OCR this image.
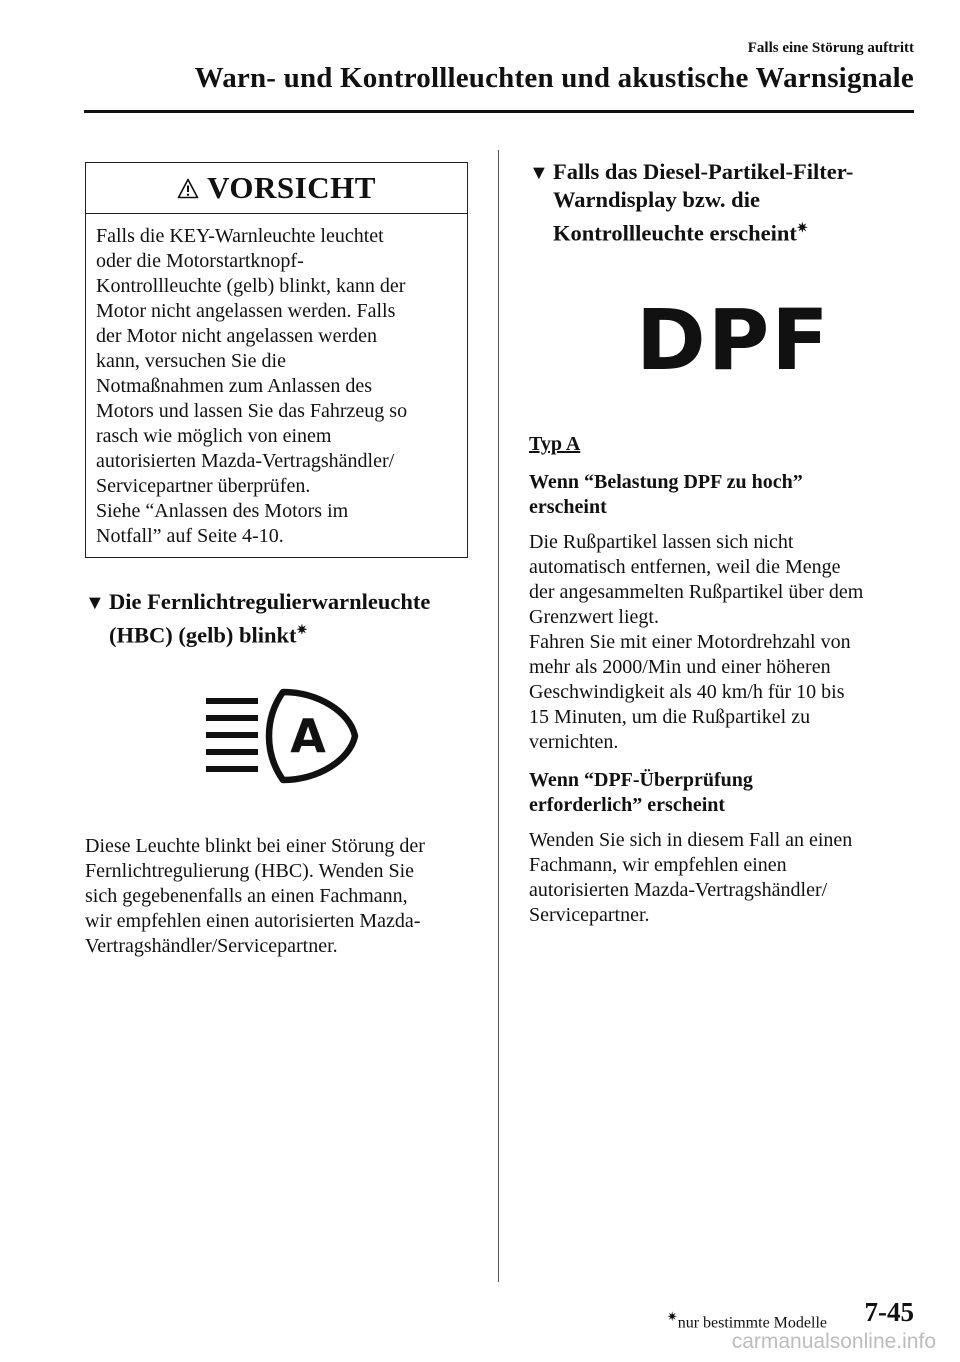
Falls eine Störung auftritt
Warn- und Kontrollleuchten und akustische Warnsignale
VORSICHT

Falls die KEY-Warnleuchte leuchtet

oder die Motorstartknopf-

Kontrollleuchte (gelb) blinkt, kann der

Motor nicht angelassen werden. Falls

der Motor nicht angelassen werden

kann, versuchen Sie die

Notmaßnahmen zum Anlassen des

Motors und lassen Sie das Fahrzeug so

rasch wie möglich von einem

autorisierten Mazda-Vertragshändler/

Servicepartner überprüfen.

Siehe “Anlassen des Motors im

Notfall” auf Seite 4-10.

▼ Die Fernlichtregulierwarnleuchte
(HBC) (gelb) blinkt✷
A

Diese Leuchte blinkt bei einer Störung der

Fernlichtregulierung (HBC). Wenden Sie

sich gegebenenfalls an einen Fachmann,

wir empfehlen einen autorisierten Mazda-

Vertragshändler/Servicepartner.

▼ Falls das Diesel-Partikel-Filter-
Warndisplay bzw. die
Kontrollleuchte erscheint✷
DPF
Typ A
Wenn “Belastung DPF zu hoch”
erscheint

Die Rußpartikel lassen sich nicht

automatisch entfernen, weil die Menge

der angesammelten Rußpartikel über dem

Grenzwert liegt.

Fahren Sie mit einer Motordrehzahl von

mehr als 2000/Min und einer höheren

Geschwindigkeit als 40 km/h für 10 bis

15 Minuten, um die Rußpartikel zu

vernichten.

Wenn “DPF-Überprüfung
erforderlich” erscheint

Wenden Sie sich in diesem Fall an einen

Fachmann, wir empfehlen einen

autorisierten Mazda-Vertragshändler/

Servicepartner.

✷nur bestimmte Modelle 7-45
carmanualsonline.info
